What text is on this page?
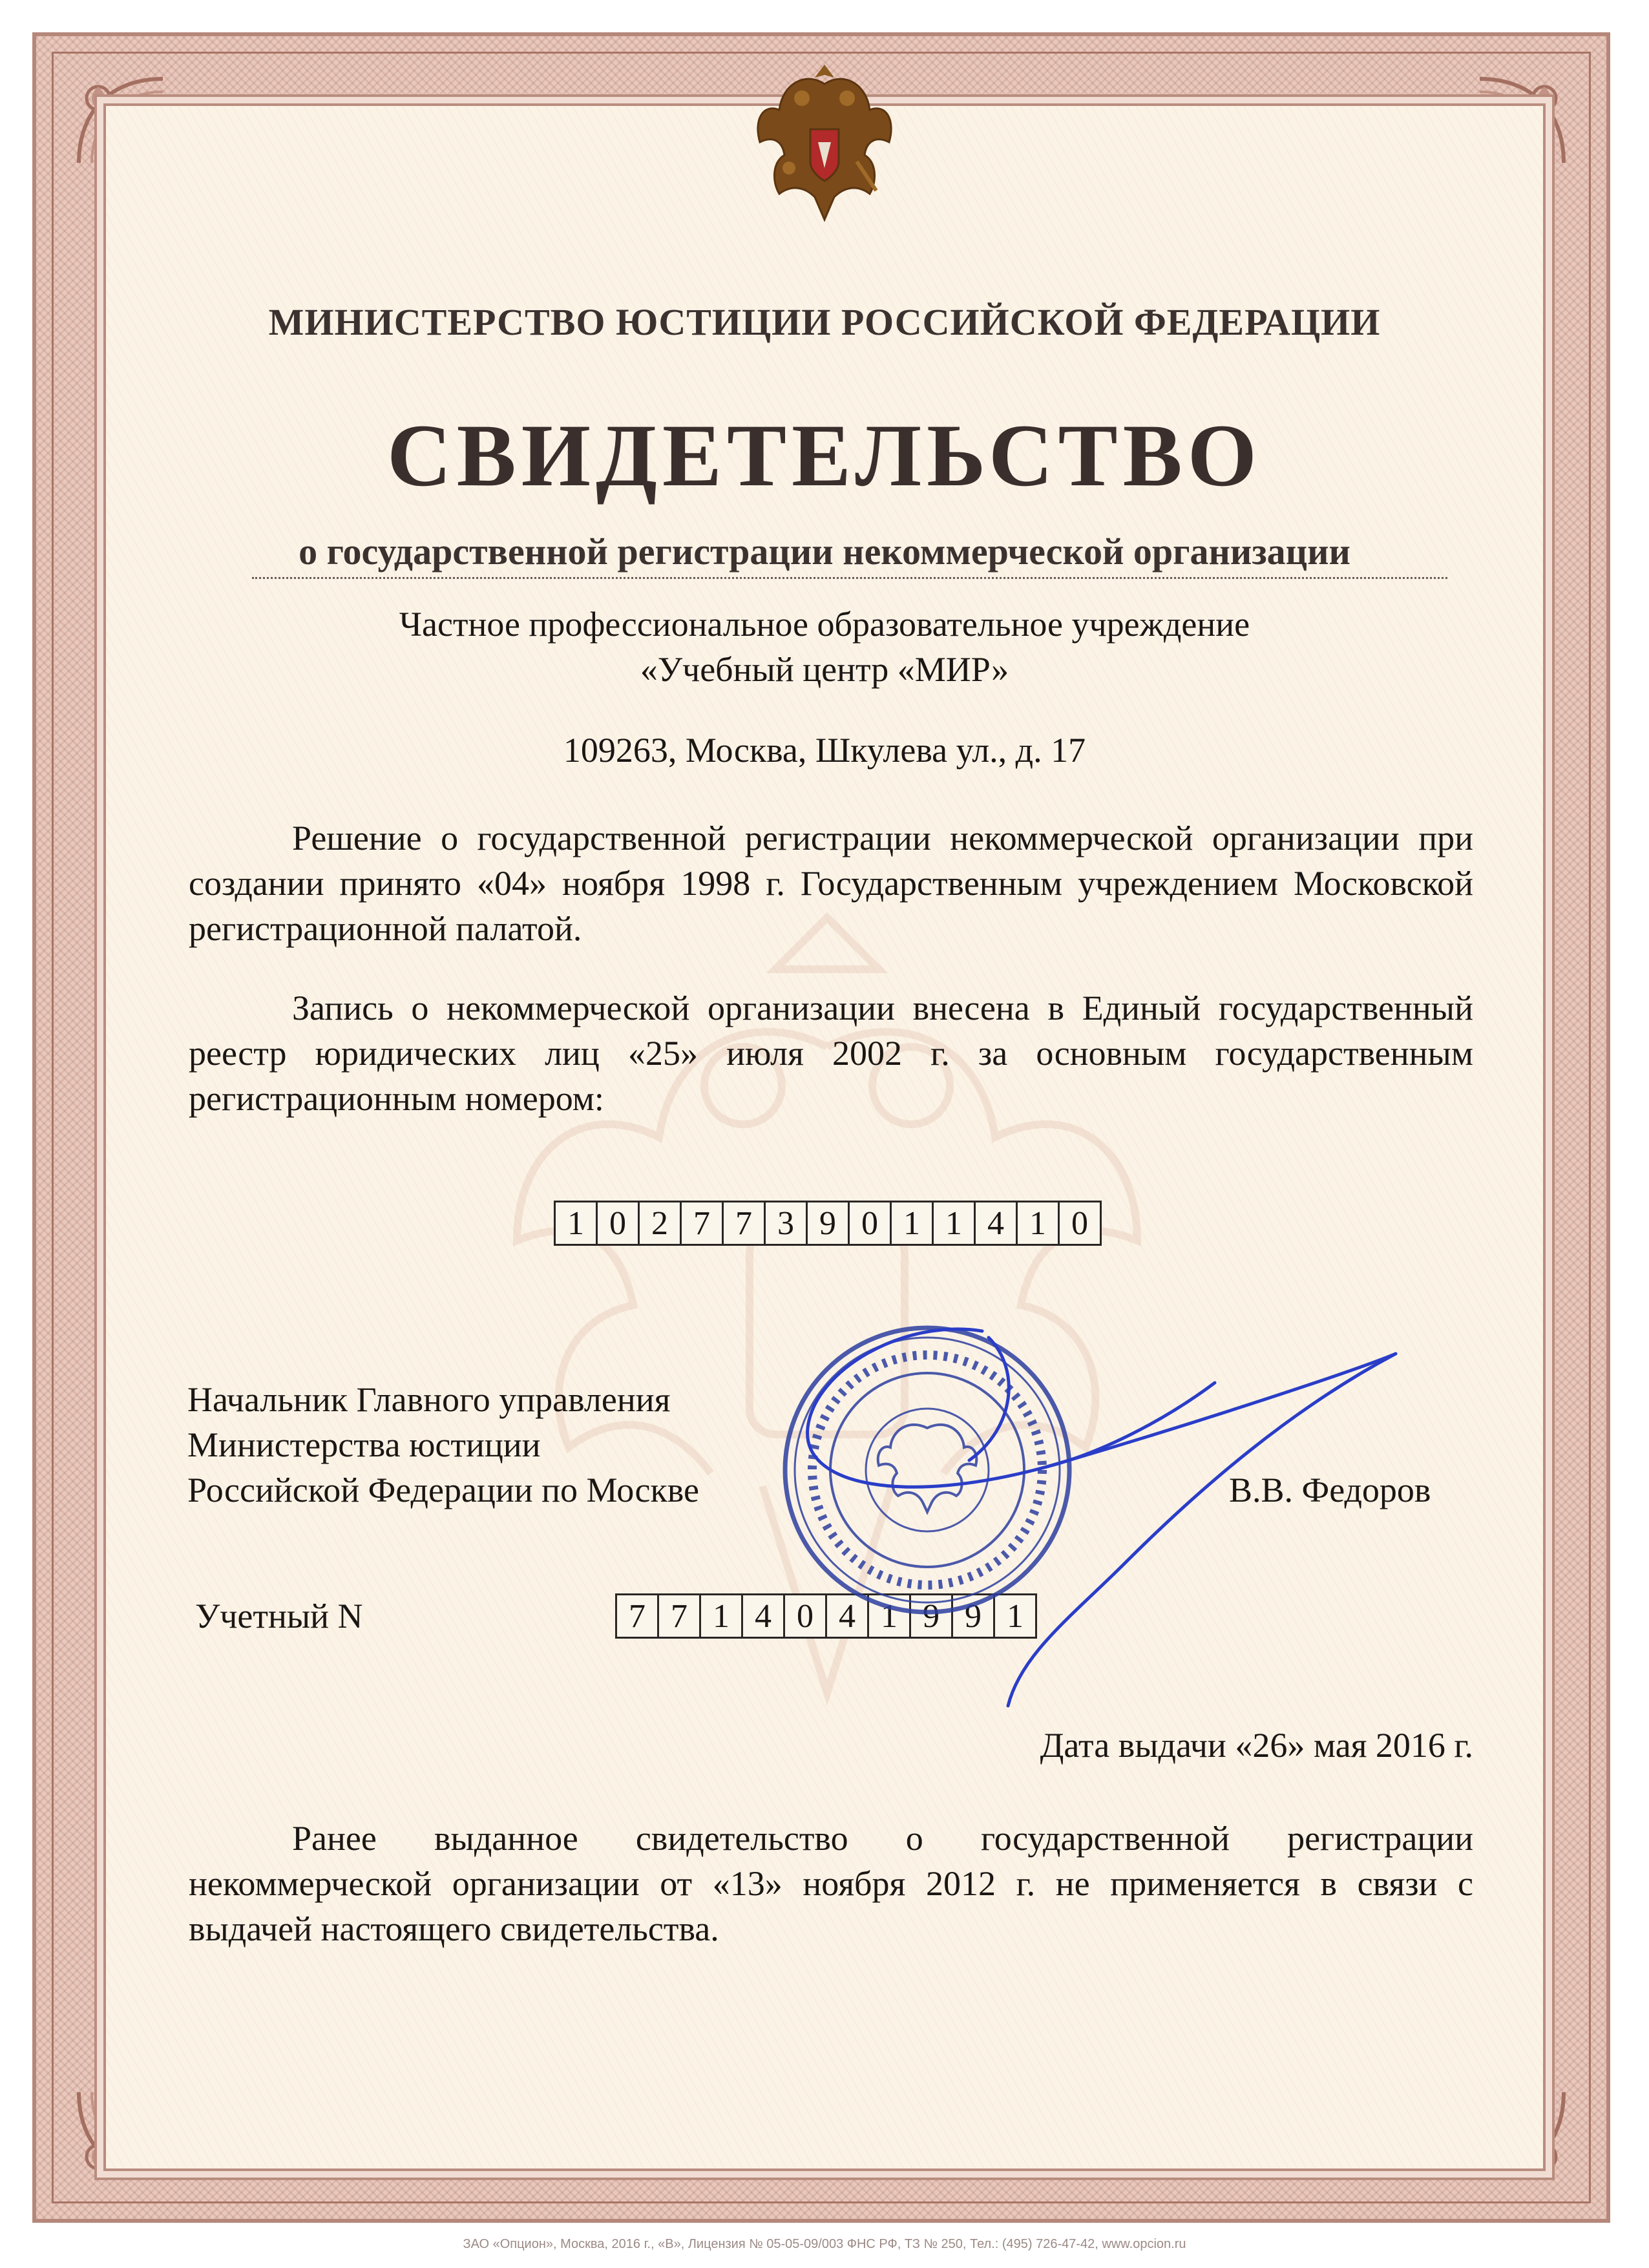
МИНИСТЕРСТВО ЮСТИЦИИ РОССИЙСКОЙ ФЕДЕРАЦИИ
СВИДЕТЕЛЬСТВО
о государственной регистрации некоммерческой организации
Частное профессиональное образовательное учреждение
«Учебный центр «МИР»
109263, Москва, Шкулева ул., д. 17
Решение о государственной регистрации некоммерческой организации при создании принято «04» ноября 1998 г. Государственным учреждением Московской регистрационной палатой.
Запись о некоммерческой организации внесена в Единый государственный реестр юридических лиц «25» июля 2002 г. за основным государственным регистрационным номером:
1 0 2 7 7 3 9 0 1 1 4 1 0
Начальник Главного управления
Министерства юстиции
Российской Федерации по Москве	В.В. Федоров
Учетный N	7 7 1 4 0 4 1 9 9 1
Дата выдачи «26» мая 2016 г.
Ранее выданное свидетельство о государственной регистрации некоммерческой организации от «13» ноября 2012 г. не применяется в связи с выдачей настоящего свидетельства.
ЗАО «Опцион», Москва, 2016 г., «В», Лицензия № 05-05-09/003 ФНС РФ, ТЗ № 250, Тел.: (495) 726-47-42, www.opcion.ru
